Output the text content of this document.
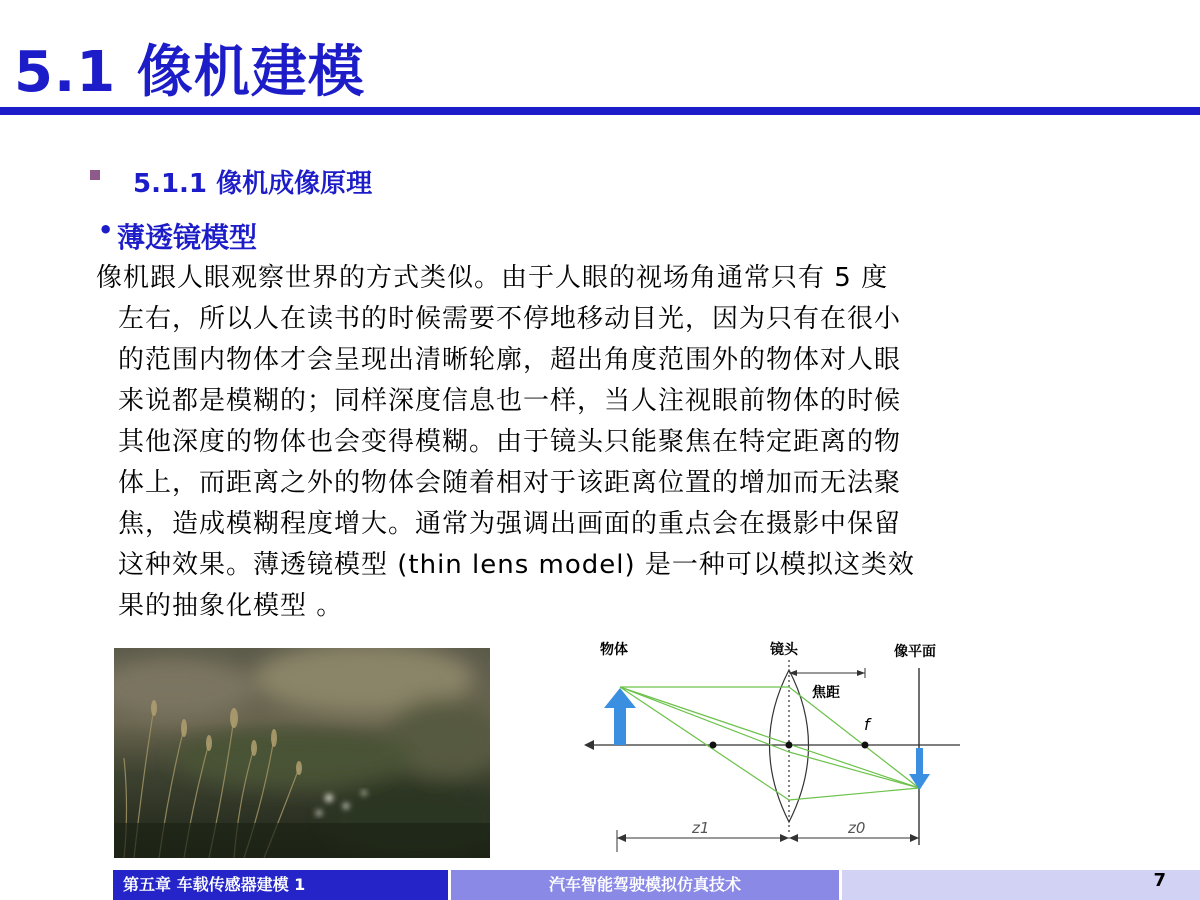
5.1 像机建模
5.1.1 像机成像原理
• 薄透镜模型
像机跟人眼观察世界的方式类似。由于人眼的视场角通常只有 5 度
左右，所以人在读书的时候需要不停地移动目光，因为只有在很小
的范围内物体才会呈现出清晰轮廓，超出角度范围外的物体对人眼
来说都是模糊的；同样深度信息也一样，当人注视眼前物体的时候
其他深度的物体也会变得模糊。由于镜头只能聚焦在特定距离的物
体上，而距离之外的物体会随着相对于该距离位置的增加而无法聚
焦，造成模糊程度增大。通常为强调出画面的重点会在摄影中保留
这种效果。薄透镜模型 (thin lens model) 是一种可以模拟这类效
果的抽象化模型 。
物体	镜头	像平面
焦距
f
z1	z0
第五章 车载传感器建模 1	汽车智能驾驶模拟仿真技术	7
